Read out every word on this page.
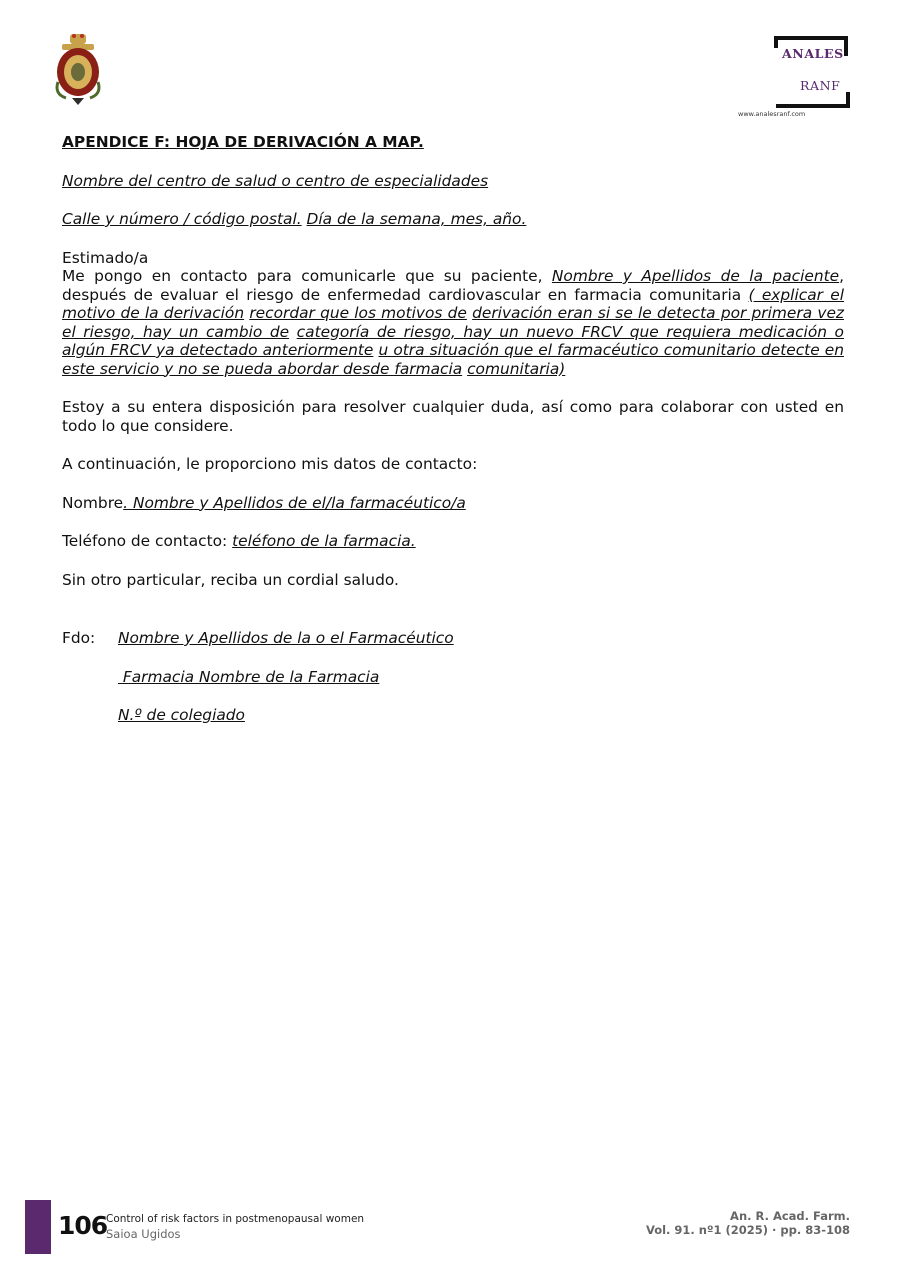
ANALES
RANF
www.analesranf.com

APENDICE F: HOJA DE DERIVACIÓN A MAP.

Nombre del centro de salud o centro de especialidades

Calle y número / código postal. Día de la semana, mes, año.

Estimado/a

Me pongo en contacto para comunicarle que su paciente, Nombre y Apellidos de la paciente, después de evaluar el riesgo de enfermedad cardiovascular en farmacia comunitaria ( explicar el motivo de la derivación recordar que los motivos de derivación eran si se le detecta por primera vez el riesgo, hay un cambio de categoría de riesgo, hay un nuevo FRCV que requiera medicación o algún FRCV ya detectado anteriormente u otra situación que el farmacéutico comunitario detecte en este servicio y no se pueda abordar desde farmacia comunitaria)

Estoy a su entera disposición para resolver cualquier duda, así como para colaborar con usted en todo lo que considere.

A continuación, le proporciono mis datos de contacto:

Nombre. Nombre y Apellidos de el/la farmacéutico/a

Teléfono de contacto: teléfono de la farmacia.

Sin otro particular, reciba un cordial saludo.

Fdo: Nombre y Apellidos de la o el Farmacéutico

Farmacia Nombre de la Farmacia

N.º de colegiado

106
Control of risk factors in postmenopausal women
Saioa Ugidos
An. R. Acad. Farm.
Vol. 91. nº1 (2025) · pp. 83-108
